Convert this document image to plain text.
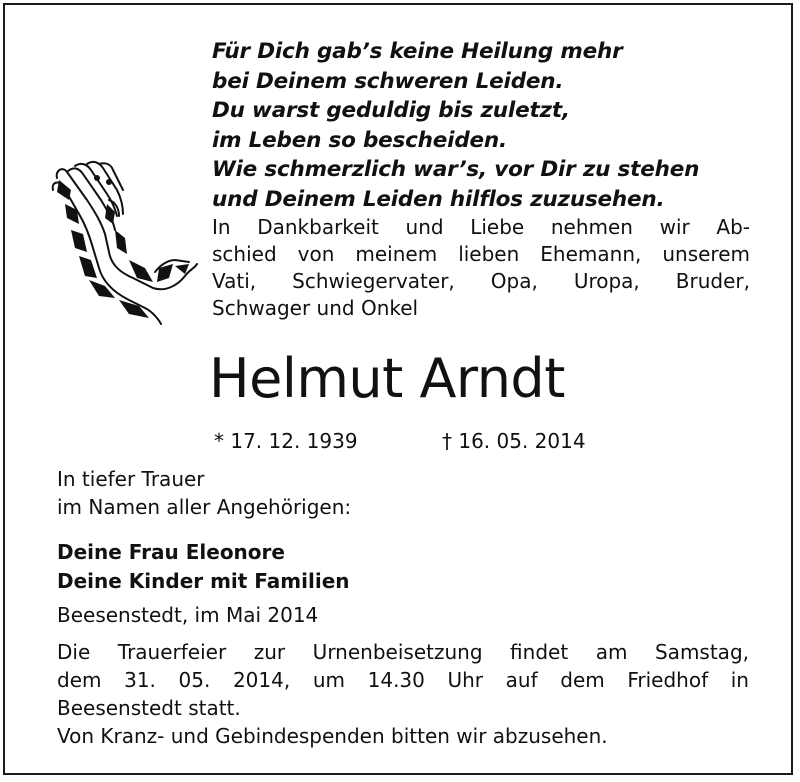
Für Dich gab’s keine Heilung mehr
bei Deinem schweren Leiden.
Du warst geduldig bis zuletzt,
im Leben so bescheiden.
Wie schmerzlich war’s, vor Dir zu stehen
und Deinem Leiden hilflos zuzusehen.
In Dankbarkeit und Liebe nehmen wir Ab-
schied von meinem lieben Ehemann, unserem
Vati, Schwiegervater, Opa, Uropa, Bruder,
Schwager und Onkel
Helmut Arndt
* 17. 12. 1939	† 16. 05. 2014
In tiefer Trauer
im Namen aller Angehörigen:
Deine Frau Eleonore
Deine Kinder mit Familien
Beesenstedt, im Mai 2014
Die Trauerfeier zur Urnenbeisetzung findet am Samstag,
dem 31. 05. 2014, um 14.30 Uhr auf dem Friedhof in
Beesenstedt statt.
Von Kranz- und Gebindespenden bitten wir abzusehen.
